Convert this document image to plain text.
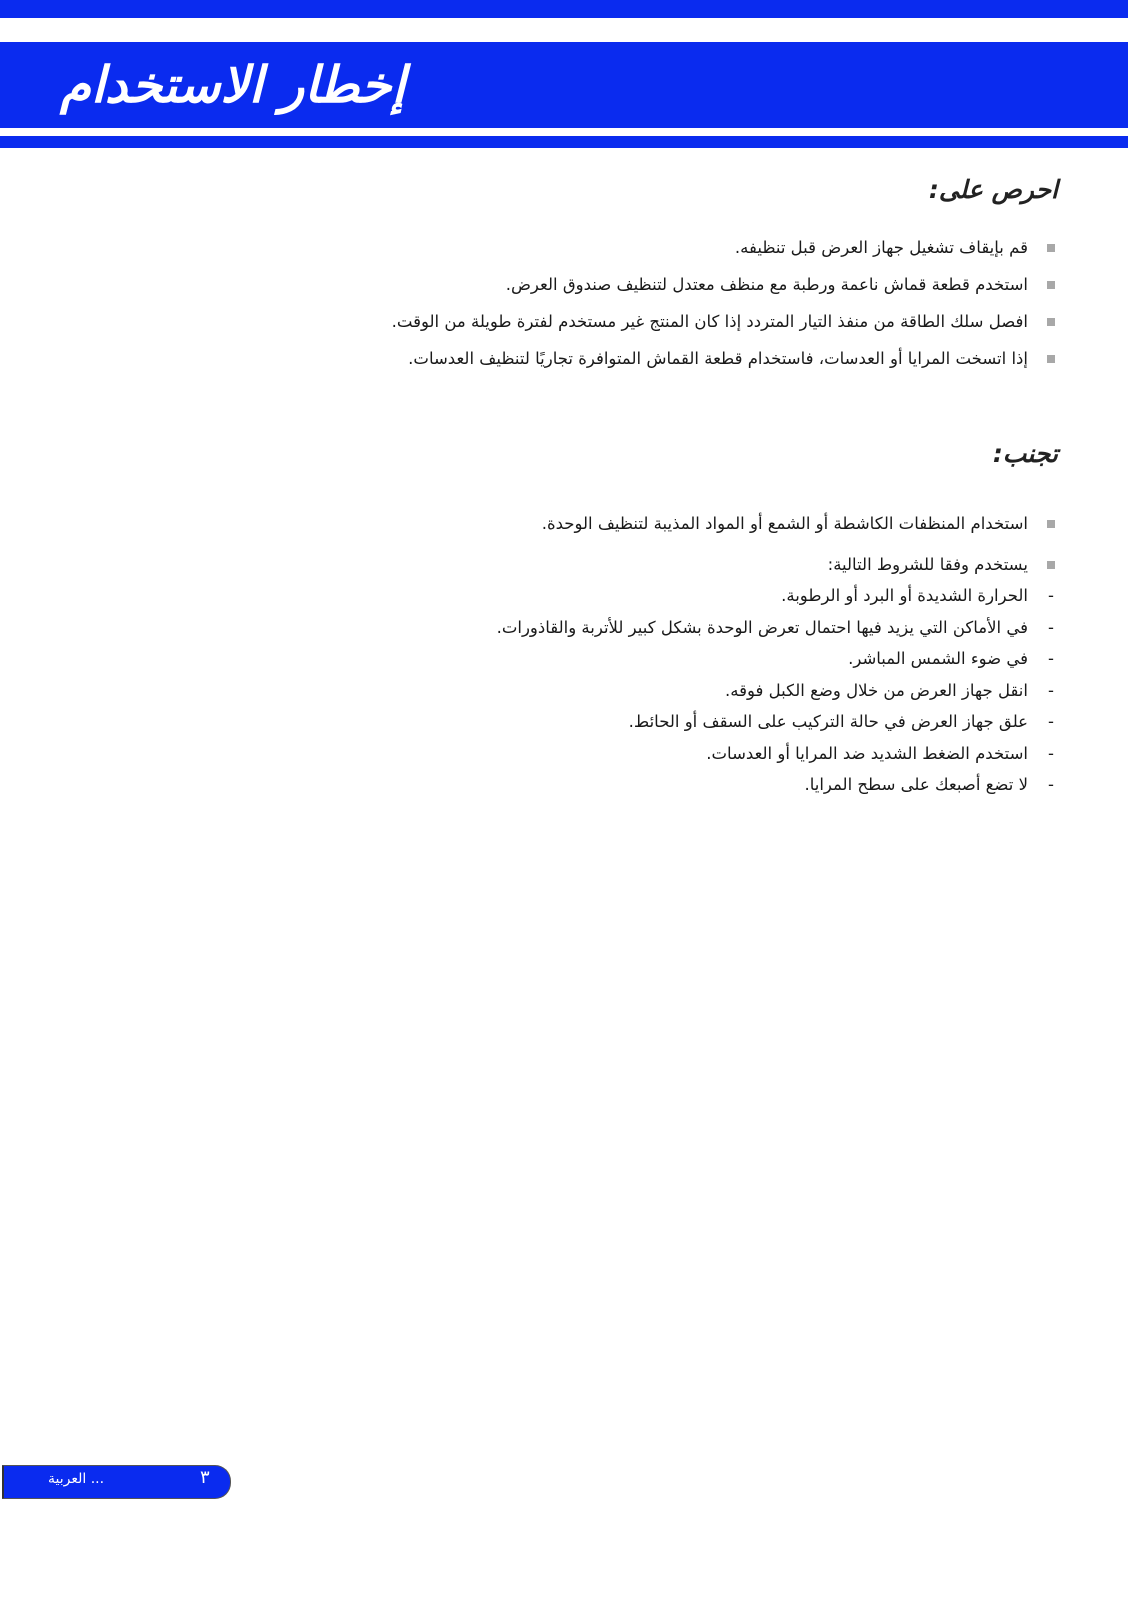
إخطار الاستخدام
احرص على:
قم بإيقاف تشغيل جهاز العرض قبل تنظيفه.
استخدم قطعة قماش ناعمة ورطبة مع منظف معتدل لتنظيف صندوق العرض.
افصل سلك الطاقة من منفذ التيار المتردد إذا كان المنتج غير مستخدم لفترة طويلة من الوقت.
إذا اتسخت المرايا أو العدسات، فاستخدام قطعة القماش المتوافرة تجاريًا لتنظيف العدسات.
تجنب:
استخدام المنظفات الكاشطة أو الشمع أو المواد المذيبة لتنظيف الوحدة.
يستخدم وفقا للشروط التالية:
-
الحرارة الشديدة أو البرد أو الرطوبة.
-
في الأماكن التي يزيد فيها احتمال تعرض الوحدة بشكل كبير للأتربة والقاذورات.
-
في ضوء الشمس المباشر.
-
انقل جهاز العرض من خلال وضع الكبل فوقه.
-
علق جهاز العرض في حالة التركيب على السقف أو الحائط.
-
استخدم الضغط الشديد ضد المرايا أو العدسات.
-
لا تضع أصبعك على سطح المرايا.
... العربية	٣
